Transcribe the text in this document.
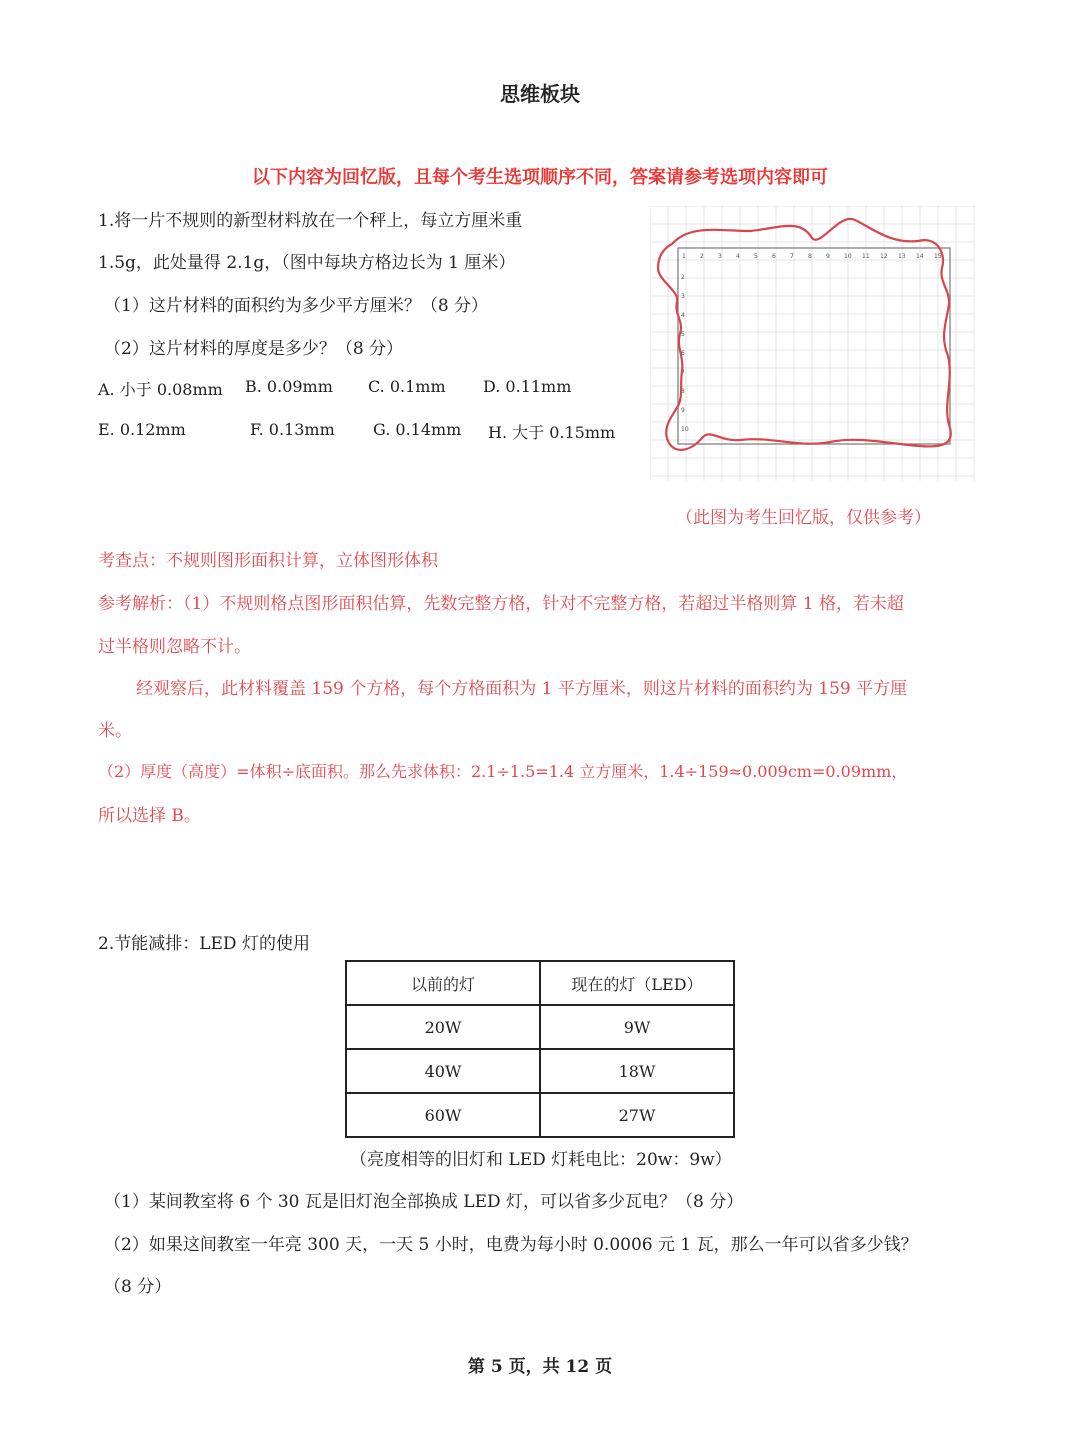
思维板块
以下内容为回忆版，且每个考生选项顺序不同，答案请参考选项内容即可
1.将一片不规则的新型材料放在一个秤上，每立方厘米重
1.5g，此处量得 2.1g，（图中每块方格边长为 1 厘米）
（1）这片材料的面积约为多少平方厘米？（8 分）
（2）这片材料的厚度是多少？（8 分）
A. 小于 0.08mm B. 0.09mm C. 0.1mm D. 0.11mm
E. 0.12mm	F. 0.13mm G. 0.14mm H. 大于 0.15mm
1 2 3 4 5 6 7 8 9 10 11 12 13 14 15
2
3
4
5
6
7
8
9
10
（此图为考生回忆版，仅供参考）
考查点：不规则图形面积计算，立体图形体积
参考解析：（1）不规则格点图形面积估算，先数完整方格，针对不完整方格，若超过半格则算 1 格，若未超
过半格则忽略不计。
经观察后，此材料覆盖 159 个方格，每个方格面积为 1 平方厘米，则这片材料的面积约为 159 平方厘
米。
（2）厚度（高度）=体积÷底面积。那么先求体积：2.1÷1.5=1.4 立方厘米，1.4÷159≈0.009cm=0.09mm，
所以选择 B。
2.节能减排：LED 灯的使用
以前的灯	现在的灯（LED）
20W	9W
40W	18W
60W	27W
（亮度相等的旧灯和 LED 灯耗电比：20w：9w）
（1）某间教室将 6 个 30 瓦是旧灯泡全部换成 LED 灯，可以省多少瓦电？（8 分）
（2）如果这间教室一年亮 300 天，一天 5 小时，电费为每小时 0.0006 元 1 瓦，那么一年可以省多少钱？
（8 分）
第 5 页，共 12 页
